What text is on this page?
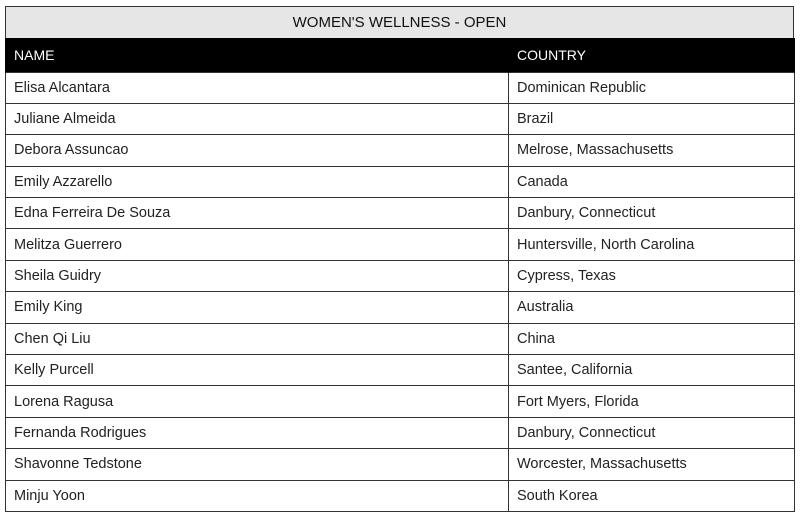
WOMEN'S WELLNESS - OPEN
NAME	COUNTRY
Elisa Alcantara	Dominican Republic
Juliane Almeida	Brazil
Debora Assuncao	Melrose, Massachusetts
Emily Azzarello	Canada
Edna Ferreira De Souza	Danbury, Connecticut
Melitza Guerrero	Huntersville, North Carolina
Sheila Guidry	Cypress, Texas
Emily King	Australia
Chen Qi Liu	China
Kelly Purcell	Santee, California
Lorena Ragusa	Fort Myers, Florida
Fernanda Rodrigues	Danbury, Connecticut
Shavonne Tedstone	Worcester, Massachusetts
Minju Yoon	South Korea
